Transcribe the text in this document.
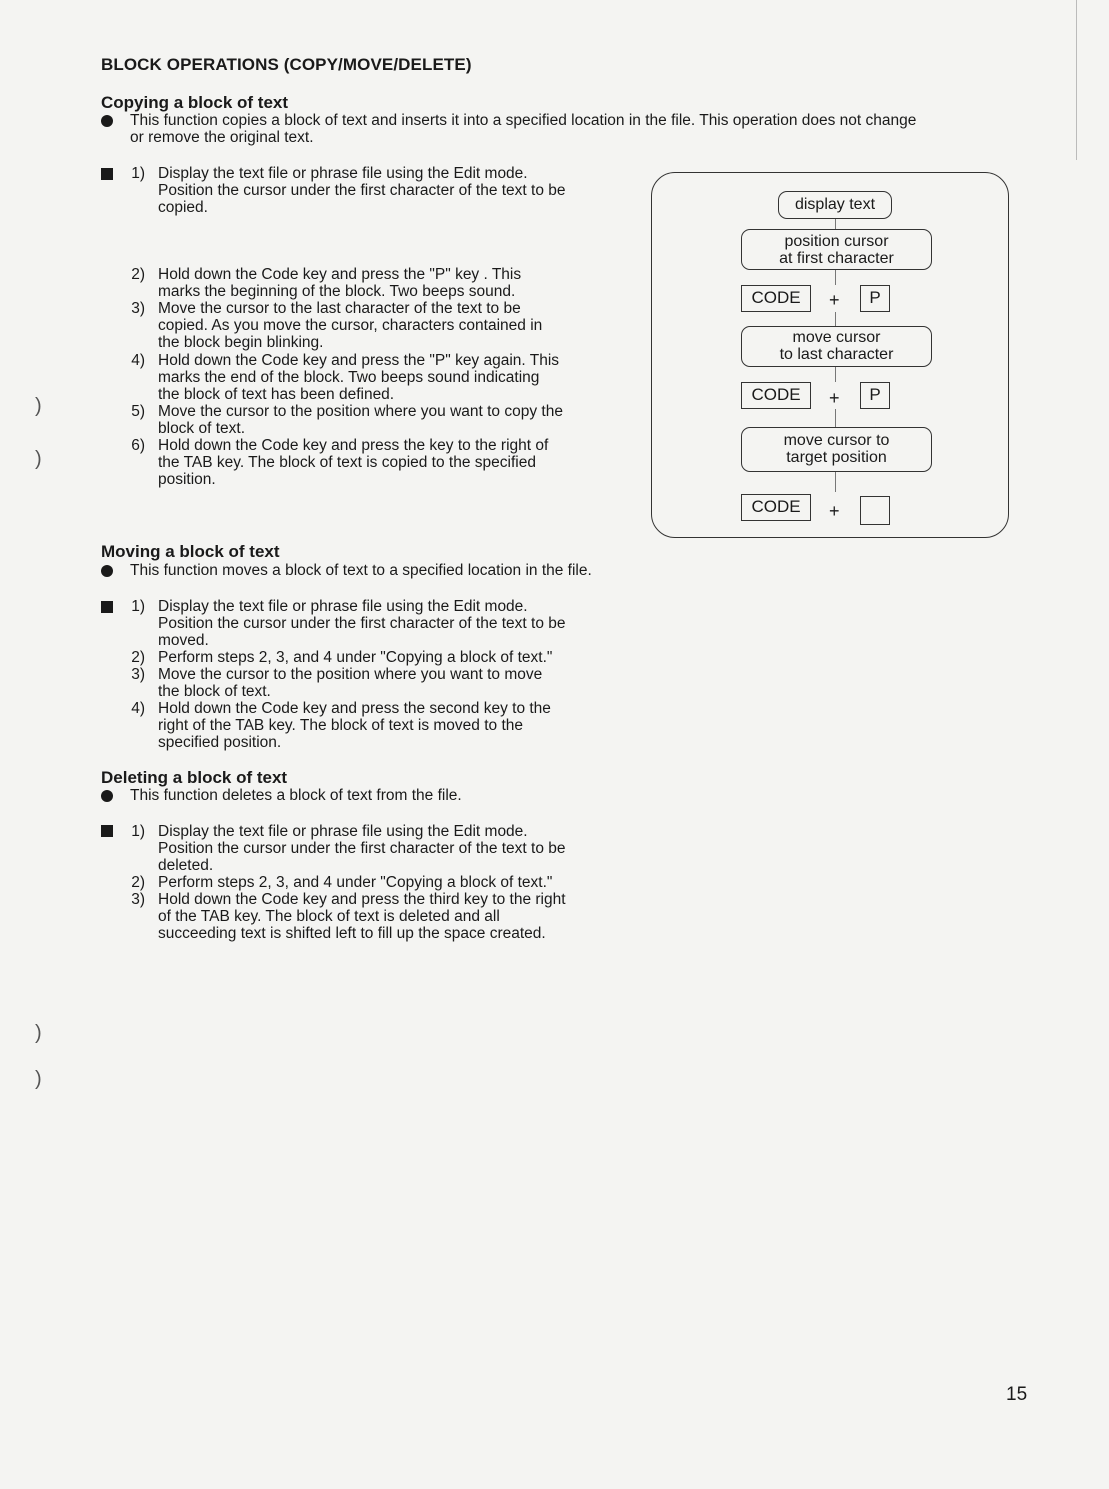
)
)
)
)
BLOCK OPERATIONS (COPY/MOVE/DELETE)
Copying a block of text
This function copies a block of text and inserts it into a specified location in the file. This operation does not change
or remove the original text.
1) Display the text file or phrase file using the Edit mode.
Position the cursor under the first character of the text to be
copied.
2) Hold down the Code key and press the "P" key . This
marks the beginning of the block. Two beeps sound.
3) Move the cursor to the last character of the text to be
copied. As you move the cursor, characters contained in
the block begin blinking.
4) Hold down the Code key and press the "P" key again. This
marks the end of the block. Two beeps sound indicating
the block of text has been defined.
5) Move the cursor to the position where you want to copy the
block of text.
6) Hold down the Code key and press the key to the right of
the TAB key. The block of text is copied to the specified
position.
display text
position cursor
at first character
CODE	+	P
move cursor
to last character
CODE	+	P
move cursor to
target position
CODE	+
Moving a block of text
This function moves a block of text to a specified location in the file.
1) Display the text file or phrase file using the Edit mode.
Position the cursor under the first character of the text to be
moved.
2) Perform steps 2, 3, and 4 under "Copying a block of text."
3) Move the cursor to the position where you want to move
the block of text.
4) Hold down the Code key and press the second key to the
right of the TAB key. The block of text is moved to the
specified position.
Deleting a block of text
This function deletes a block of text from the file.
1) Display the text file or phrase file using the Edit mode.
Position the cursor under the first character of the text to be
deleted.
2) Perform steps 2, 3, and 4 under "Copying a block of text."
3) Hold down the Code key and press the third key to the right
of the TAB key. The block of text is deleted and all
succeeding text is shifted left to fill up the space created.
15
